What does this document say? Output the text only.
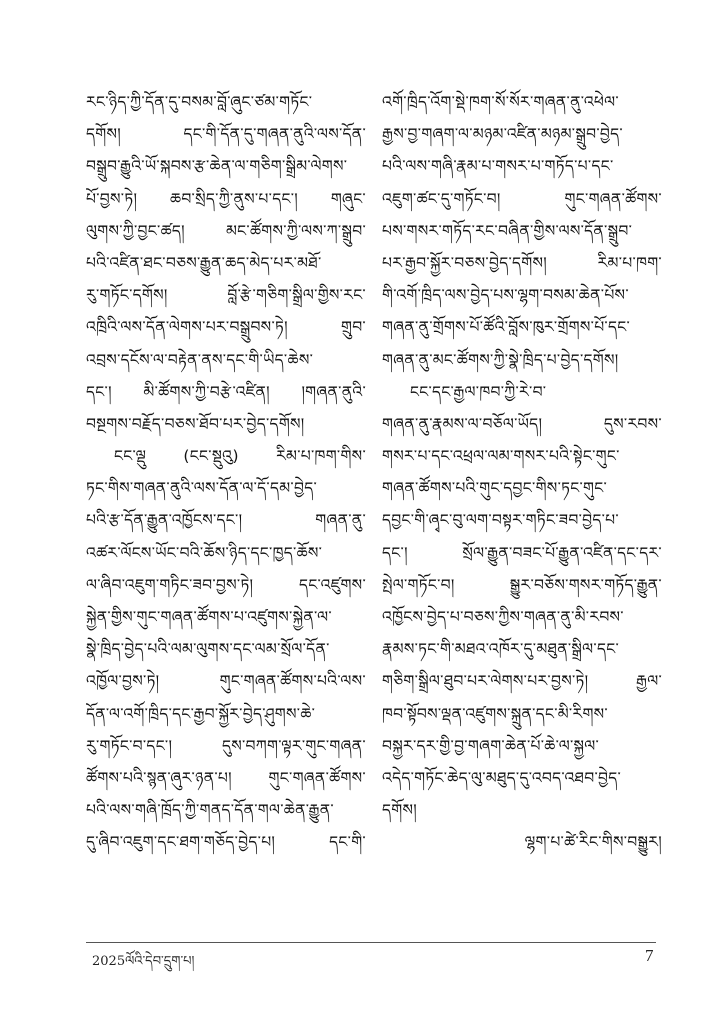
རང་ཉིད་ཀྱི་དོན་དུ་བསམ་བློ་ཞུང་ཙམ་གཏོང་
དགོས། དང་གི་དོན་དུ་གཞན་ནུའི་ལས་དོན་
བསྒྲུབ་རྒྱུའི་ཡོ་སྐབས་རྩ་ཆེན་ལ་གཅིག་སྒྲིམ་ལེགས་
པོ་བྱས་ཏེ། ཆབ་སྲིད་ཀྱི་ནུས་པ་དང་། གཞུང་
ལུགས་ཀྱི་བྱང་ཚད། མང་ཚོགས་ཀྱི་ལས་ཀ་སྒྲུབ་
པའི་འཛིན་ཐང་བཅས་རྒྱུན་ཆད་མེད་པར་མཐོ་
རུ་གཏོང་དགོས། བློ་རྩེ་གཅིག་སྒྲིལ་གྱིས་རང་
འཁྲིའི་ལས་དོན་ལེགས་པར་བསྒྲུབས་ཏེ། གྲུབ་
འབྲས་དངོས་ལ་བརྟེན་ནས་དང་གི་ཡིད་ཆེས་
དང་། མི་ཚོགས་ཀྱི་བརྩེ་འཛིན། །གཞན་ནུའི་
བསྔགས་བརྗོད་བཅས་ཐོབ་པར་བྱེད་དགོས།
ངང་ལྡུ (ངང་སྡུའུ) རིམ་པ་ཁག་གིས་
ཏང་གིས་གཞན་ནུའི་ལས་དོན་ལ་དོ་དམ་བྱེད་
པའི་རྩ་དོན་རྒྱུན་འཁྱོངས་དང་། གཞན་ནུ་
འཚར་ལོངས་ཡོང་བའི་ཆོས་ཉིད་དང་ཁྱད་ཆོས་
ལ་ཞིབ་འཇུག་གཏིང་ཟབ་བྱས་ཏེ། དང་འཛུགས་
སྐྱེན་གྱིས་གུང་གཞན་ཚོགས་པ་འཛུགས་སྐྱེན་ལ་
སྣེ་ཁྲིད་བྱེད་པའི་ལམ་ལུགས་དང་ལམ་སྲོལ་དོན་
འཁྱོལ་བྱས་ཏེ། གུང་གཞན་ཚོགས་པའི་ལས་
དོན་ལ་འགོ་ཁྲིད་དང་རྒྱབ་སྐྱོར་བྱེད་ཤུགས་ཆེ་
རུ་གཏོང་བ་དང་། དུས་བཀག་ལྟར་གུང་གཞན་
ཚོགས་པའི་སྙན་ཞུར་ཉན་པ། གུང་གཞན་ཚོགས་
པའི་ལས་གཞི་ཁྲོད་ཀྱི་གནད་དོན་གལ་ཆེན་རྒྱུན་
དུ་ཞིབ་འཇུག་དང་ཐག་གཅོད་བྱེད་པ། དང་གི་
འགོ་ཁྲིད་འོག་སྡེ་ཁག་སོ་སོར་གཞན་ནུ་འཕེལ་
རྒྱས་བྱ་གཞག་ལ་མཉམ་འཛིན་མཉམ་སྒྲུབ་བྱེད་
པའི་ལས་གཞི་རྣམ་པ་གསར་པ་གཏོད་པ་དང་
འཇུག་ཚང་དུ་གཏོང་བ། གུང་གཞན་ཚོགས་
པས་གསར་གཏོད་རང་བཞིན་གྱིས་ལས་དོན་སྒྲུབ་
པར་རྒྱབ་སྐྱོར་བཅས་བྱེད་དགོས། རིམ་པ་ཁག་
གི་འགོ་ཁྲིད་ལས་བྱེད་པས་ལྷག་བསམ་ཆེན་པོས་
གཞན་ནུ་གྲོགས་པོ་ཚོའི་བློས་ཁུར་གྲོགས་པོ་དང་
གཞན་ནུ་མང་ཚོགས་ཀྱི་སྣེ་ཁྲིད་པ་བྱེད་དགོས།
ངང་དང་རྒྱལ་ཁབ་ཀྱི་རེ་བ་
གཞན་ནུ་རྣམས་ལ་བཅོལ་ཡོད། དུས་རབས་
གསར་པ་དང་འཕྲལ་ལམ་གསར་པའི་སྟེང་གུང་
གཞན་ཚོགས་པའི་གུང་དབྱང་གིས་ཏང་གུང་
དབྱང་གི་ཞྭང་བུ་ལག་བསྟར་གཏིང་ཟབ་བྱེད་པ་
དང་། སྲོལ་རྒྱུན་བཟང་པོ་རྒྱུན་འཛིན་དང་དར་
སྤེལ་གཏོང་བ། སྒྱུར་བཅོས་གསར་གཏོད་རྒྱུན་
འཁྱོངས་བྱེད་པ་བཅས་ཀྱིས་གཞན་ནུ་མི་རབས་
རྣམས་ཏང་གི་མཐའ་འཁོར་དུ་མཐུན་སྒྲིལ་དང་
གཅིག་སྒྲིལ་ཐུབ་པར་ལེགས་པར་བྱས་ཏེ། རྒྱལ་
ཁབ་སྟོབས་ལྡན་འཛུགས་སྐྲུན་དང་མི་རིགས་
བསྐྱར་དར་གྱི་བྱ་གཞག་ཆེན་པོ་ཆེ་ལ་སྐྱལ་
འདེད་གཏོང་ཆེད་ལུ་མཐུད་དུ་འབད་འཐབ་བྱེད་
དགོས།
ལྷག་པ་ཚེ་རིང་གིས་བསྒྱུར།
2025ལོའི་དེབ་དྲུག་པ།	7
